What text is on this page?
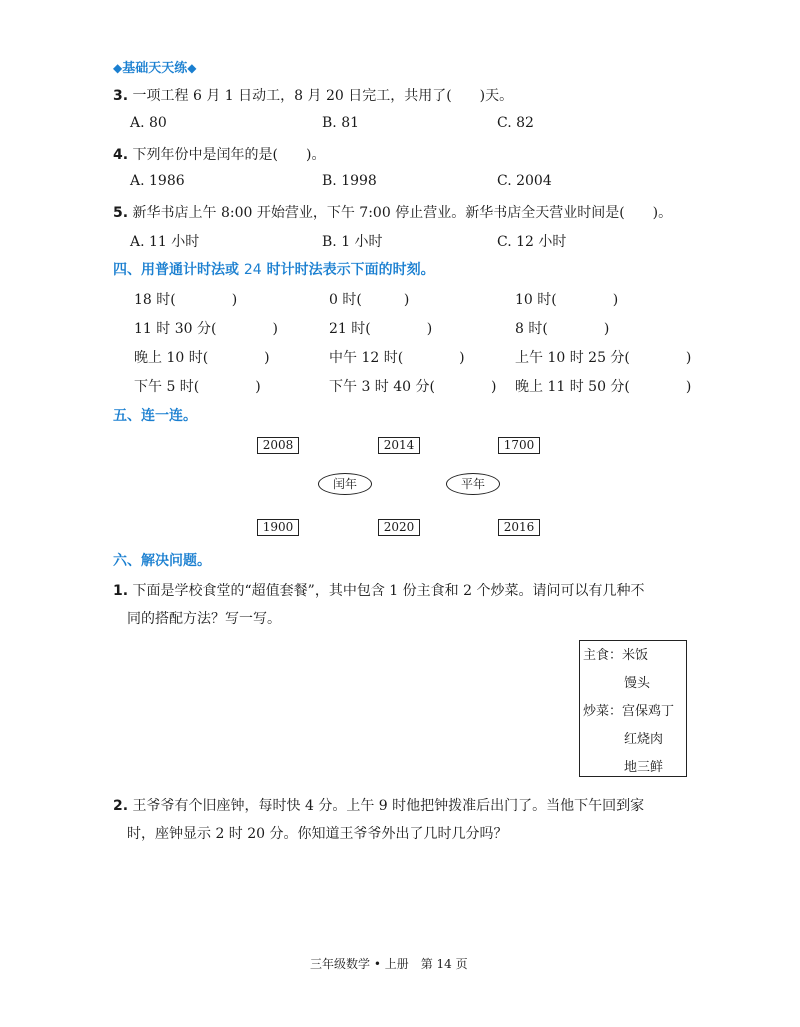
◆基础天天练◆
3. 一项工程 6 月 1 日动工，8 月 20 日完工，共用了(　　)天。
A. 80	B. 81	C. 82
4. 下列年份中是闰年的是(　　)。
A. 1986	B. 1998	C. 2004
5. 新华书店上午 8:00 开始营业，下午 7:00 停止营业。新华书店全天营业时间是(　　)。
A. 11 小时	B. 1 小时	C. 12 小时
四、用普通计时法或 24 时计时法表示下面的时刻。
18 时(　　　　)	0 时(　　　)	10 时(　　　　)
11 时 30 分(　　　　)	21 时(　　　　)	8 时(　　　　)
晚上 10 时(　　　　)	中午 12 时(　　　　)	上午 10 时 25 分(　　　　)
下午 5 时(　　　　)	下午 3 时 40 分(　　　　) 晚上 11 时 50 分(　　　　)
五、连一连。
2008	2014	1700
闰年	平年
1900	2020	2016
六、解决问题。
1. 下面是学校食堂的“超值套餐”，其中包含 1 份主食和 2 个炒菜。请问可以有几种不
同的搭配方法？写一写。
主食：米饭
馒头
炒菜：宫保鸡丁
红烧肉
地三鲜
2. 王爷爷有个旧座钟，每时快 4 分。上午 9 时他把钟拨准后出门了。当他下午回到家
时，座钟显示 2 时 20 分。你知道王爷爷外出了几时几分吗？
三年级数学 • 上册　第 14 页
